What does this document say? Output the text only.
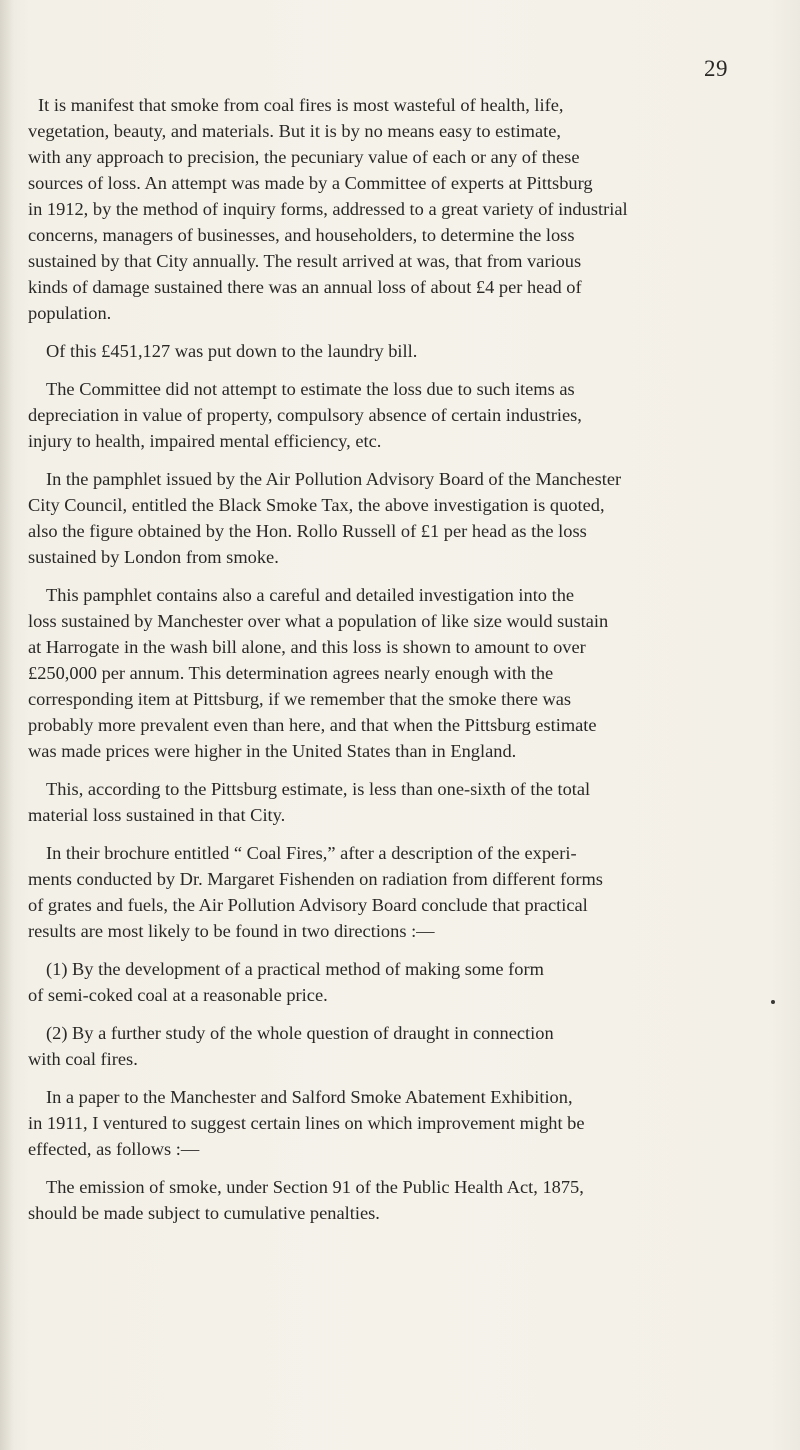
29
It is manifest that smoke from coal fires is most wasteful of health, life,
vegetation, beauty, and materials. But it is by no means easy to estimate,
with any approach to precision, the pecuniary value of each or any of these
sources of loss. An attempt was made by a Committee of experts at Pittsburg
in 1912, by the method of inquiry forms, addressed to a great variety of industrial
concerns, managers of businesses, and householders, to determine the loss
sustained by that City annually. The result arrived at was, that from various
kinds of damage sustained there was an annual loss of about £4 per head of
population.
Of this £451,127 was put down to the laundry bill.
The Committee did not attempt to estimate the loss due to such items as
depreciation in value of property, compulsory absence of certain industries,
injury to health, impaired mental efficiency, etc.
In the pamphlet issued by the Air Pollution Advisory Board of the Manchester
City Council, entitled the Black Smoke Tax, the above investigation is quoted,
also the figure obtained by the Hon. Rollo Russell of £1 per head as the loss
sustained by London from smoke.
This pamphlet contains also a careful and detailed investigation into the
loss sustained by Manchester over what a population of like size would sustain
at Harrogate in the wash bill alone, and this loss is shown to amount to over
£250,000 per annum. This determination agrees nearly enough with the
corresponding item at Pittsburg, if we remember that the smoke there was
probably more prevalent even than here, and that when the Pittsburg estimate
was made prices were higher in the United States than in England.
This, according to the Pittsburg estimate, is less than one-sixth of the total
material loss sustained in that City.
In their brochure entitled “ Coal Fires,” after a description of the experi-
ments conducted by Dr. Margaret Fishenden on radiation from different forms
of grates and fuels, the Air Pollution Advisory Board conclude that practical
results are most likely to be found in two directions :—
(1) By the development of a practical method of making some form
of semi-coked coal at a reasonable price.
(2) By a further study of the whole question of draught in connection
with coal fires.
In a paper to the Manchester and Salford Smoke Abatement Exhibition,
in 1911, I ventured to suggest certain lines on which improvement might be
effected, as follows :—
The emission of smoke, under Section 91 of the Public Health Act, 1875,
should be made subject to cumulative penalties.
